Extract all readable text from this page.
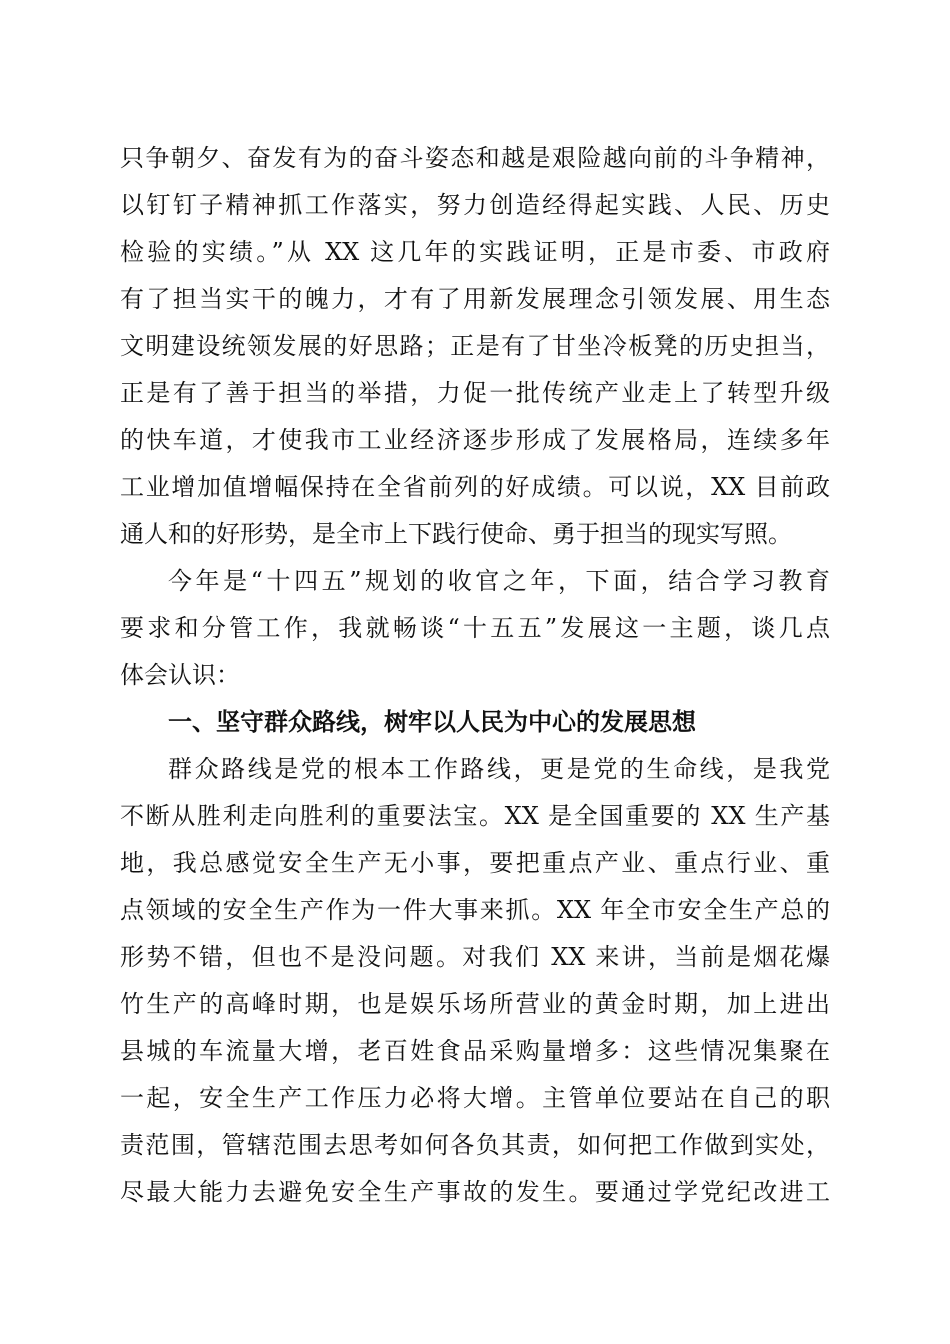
只争朝夕、奋发有为的奋斗姿态和越是艰险越向前的斗争精神，
以钉钉子精神抓工作落实，努力创造经得起实践、人民、历史
检验的实绩。”从 XX 这几年的实践证明，正是市委、市政府
有了担当实干的魄力，才有了用新发展理念引领发展、用生态
文明建设统领发展的好思路；正是有了甘坐冷板凳的历史担当，
正是有了善于担当的举措，力促一批传统产业走上了转型升级
的快车道，才使我市工业经济逐步形成了发展格局，连续多年
工业增加值增幅保持在全省前列的好成绩。可以说，XX 目前政
通人和的好形势，是全市上下践行使命、勇于担当的现实写照。
今年是“十四五”规划的收官之年，下面，结合学习教育
要求和分管工作，我就畅谈“十五五”发展这一主题，谈几点
体会认识：
一、坚守群众路线，树牢以人民为中心的发展思想
群众路线是党的根本工作路线，更是党的生命线，是我党
不断从胜利走向胜利的重要法宝。XX 是全国重要的 XX 生产基
地，我总感觉安全生产无小事，要把重点产业、重点行业、重
点领域的安全生产作为一件大事来抓。XX 年全市安全生产总的
形势不错，但也不是没问题。对我们 XX 来讲，当前是烟花爆
竹生产的高峰时期，也是娱乐场所营业的黄金时期，加上进出
县城的车流量大增，老百姓食品采购量增多：这些情况集聚在
一起，安全生产工作压力必将大增。主管单位要站在自己的职
责范围，管辖范围去思考如何各负其责，如何把工作做到实处，
尽最大能力去避免安全生产事故的发生。要通过学党纪改进工
